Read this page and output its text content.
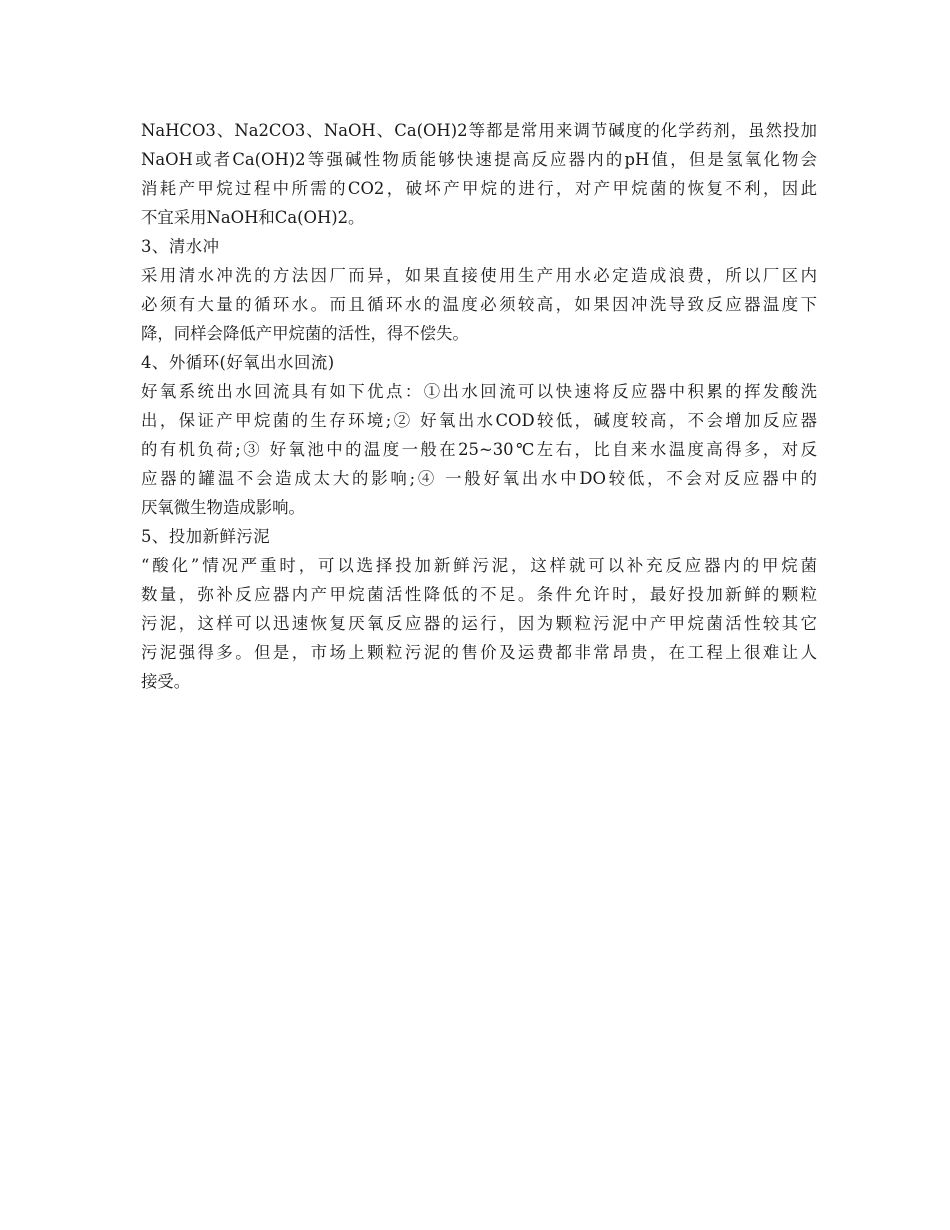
NaHCO3、Na2CO3、NaOH、Ca(OH)2等都是常用来调节碱度的化学药剂，虽然投加
NaOH或者Ca(OH)2等强碱性物质能够快速提高反应器内的pH值，但是氢氧化物会
消耗产甲烷过程中所需的CO2，破坏产甲烷的进行，对产甲烷菌的恢复不利，因此
不宜采用NaOH和Ca(OH)2。
3、清水冲
采用清水冲洗的方法因厂而异，如果直接使用生产用水必定造成浪费，所以厂区内
必须有大量的循环水。而且循环水的温度必须较高，如果因冲洗导致反应器温度下
降，同样会降低产甲烷菌的活性，得不偿失。
4、外循环(好氧出水回流)
好氧系统出水回流具有如下优点：①出水回流可以快速将反应器中积累的挥发酸洗
出，保证产甲烷菌的生存环境;② 好氧出水COD较低，碱度较高，不会增加反应器
的有机负荷;③ 好氧池中的温度一般在25~30℃左右，比自来水温度高得多，对反
应器的罐温不会造成太大的影响;④ 一般好氧出水中DO较低，不会对反应器中的
厌氧微生物造成影响。
5、投加新鲜污泥
“酸化”情况严重时，可以选择投加新鲜污泥，这样就可以补充反应器内的甲烷菌
数量，弥补反应器内产甲烷菌活性降低的不足。条件允许时，最好投加新鲜的颗粒
污泥，这样可以迅速恢复厌氧反应器的运行，因为颗粒污泥中产甲烷菌活性较其它
污泥强得多。但是，市场上颗粒污泥的售价及运费都非常昂贵，在工程上很难让人
接受。
